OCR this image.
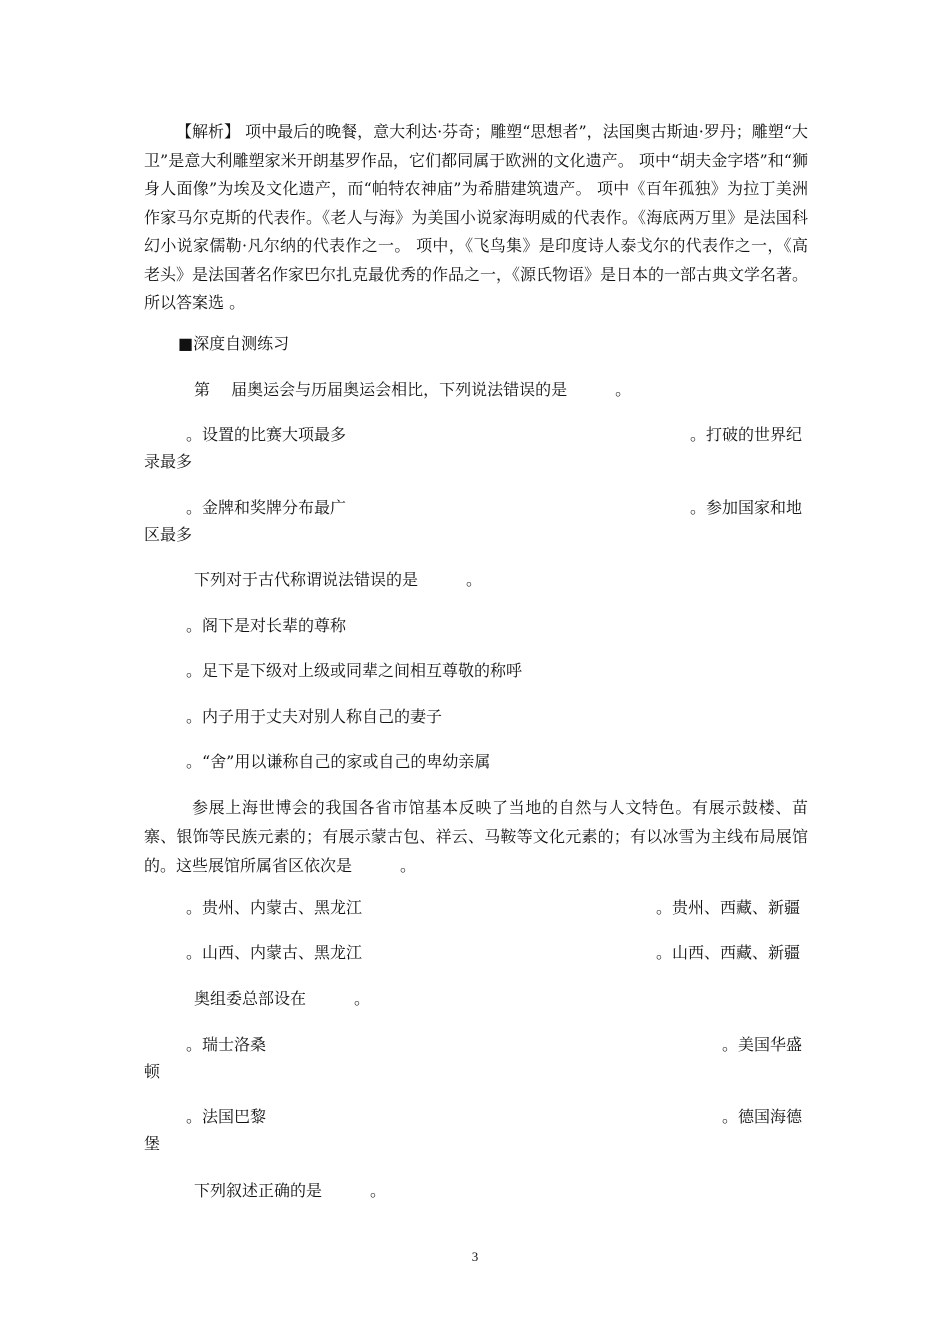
【解析】 项中最后的晚餐，意大利达·芬奇；雕塑“思想者”，法国奥古斯迪·罗丹；雕塑“大卫”是意大利雕塑家米开朗基罗作品，它们都同属于欧洲的文化遗产。 项中“胡夫金字塔”和“狮身人面像”为埃及文化遗产，而“帕特农神庙”为希腊建筑遗产。 项中《百年孤独》为拉丁美洲作家马尔克斯的代表作。《老人与海》为美国小说家海明威的代表作。《海底两万里》是法国科幻小说家儒勒·凡尔纳的代表作之一。 项中，《飞鸟集》是印度诗人泰戈尔的代表作之一，《高老头》是法国著名作家巴尔扎克最优秀的作品之一，《源氏物语》是日本的一部古典文学名著。所以答案选 。

■深度自测练习

第　 届奥运会与历届奥运会相比，下列说法错误的是　　　。

。设置的比赛大项最多	。打破的世界纪

录最多

。金牌和奖牌分布最广	。参加国家和地

区最多

下列对于古代称谓说法错误的是　　　。

。阁下是对长辈的尊称

。足下是下级对上级或同辈之间相互尊敬的称呼

。内子用于丈夫对别人称自己的妻子

。“舍”用以谦称自己的家或自己的卑幼亲属

参展上海世博会的我国各省市馆基本反映了当地的自然与人文特色。有展示鼓楼、苗寨、银饰等民族元素的；有展示蒙古包、祥云、马鞍等文化元素的；有以冰雪为主线布局展馆的。这些展馆所属省区依次是　　　。

。贵州、内蒙古、黑龙江	。贵州、西藏、新疆

。山西、内蒙古、黑龙江	。山西、西藏、新疆

奥组委总部设在　　　。

。瑞士洛桑	。美国华盛

顿

。法国巴黎	。德国海德

堡

下列叙述正确的是　　　。

3
